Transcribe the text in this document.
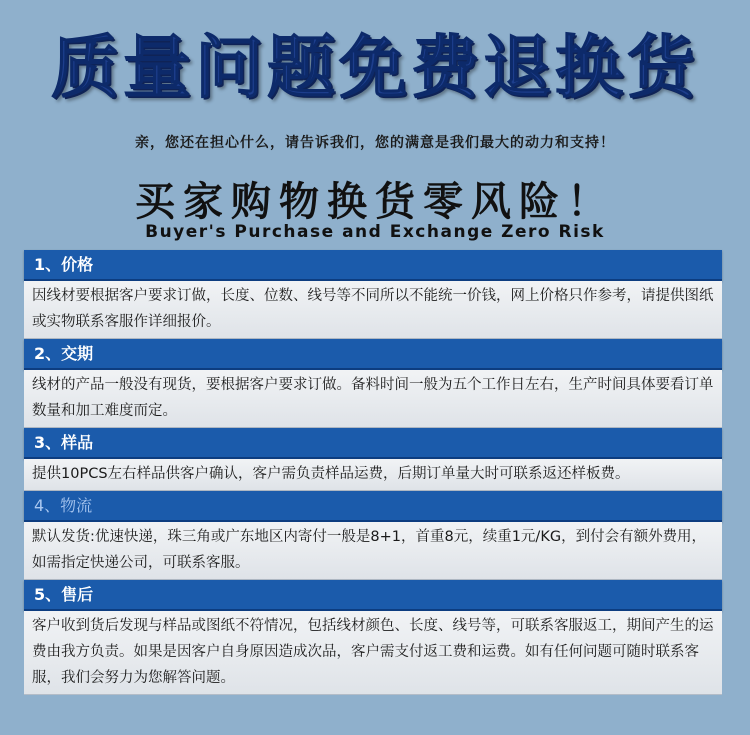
质量问题免费退换货
亲，您还在担心什么，请告诉我们，您的满意是我们最大的动力和支持！
买家购物换货零风险！
Buyer's Purchase and Exchange Zero Risk
1、价格
因线材要根据客户要求订做，长度、位数、线号等不同所以不能统一价钱，网上价格只作参考，请提供图纸或实物联系客服作详细报价。
2、交期
线材的产品一般没有现货，要根据客户要求订做。备料时间一般为五个工作日左右，生产时间具体要看订单数量和加工难度而定。
3、样品
提供10PCS左右样品供客户确认，客户需负责样品运费，后期订单量大时可联系返还样板费。
4、物流
默认发货:优速快递，珠三角或广东地区内寄付一般是8+1，首重8元，续重1元/KG，到付会有额外费用，如需指定快递公司，可联系客服。
5、售后
客户收到货后发现与样品或图纸不符情况，包括线材颜色、长度、线号等，可联系客服返工，期间产生的运费由我方负责。如果是因客户自身原因造成次品，客户需支付返工费和运费。如有任何问题可随时联系客服，我们会努力为您解答问题。
